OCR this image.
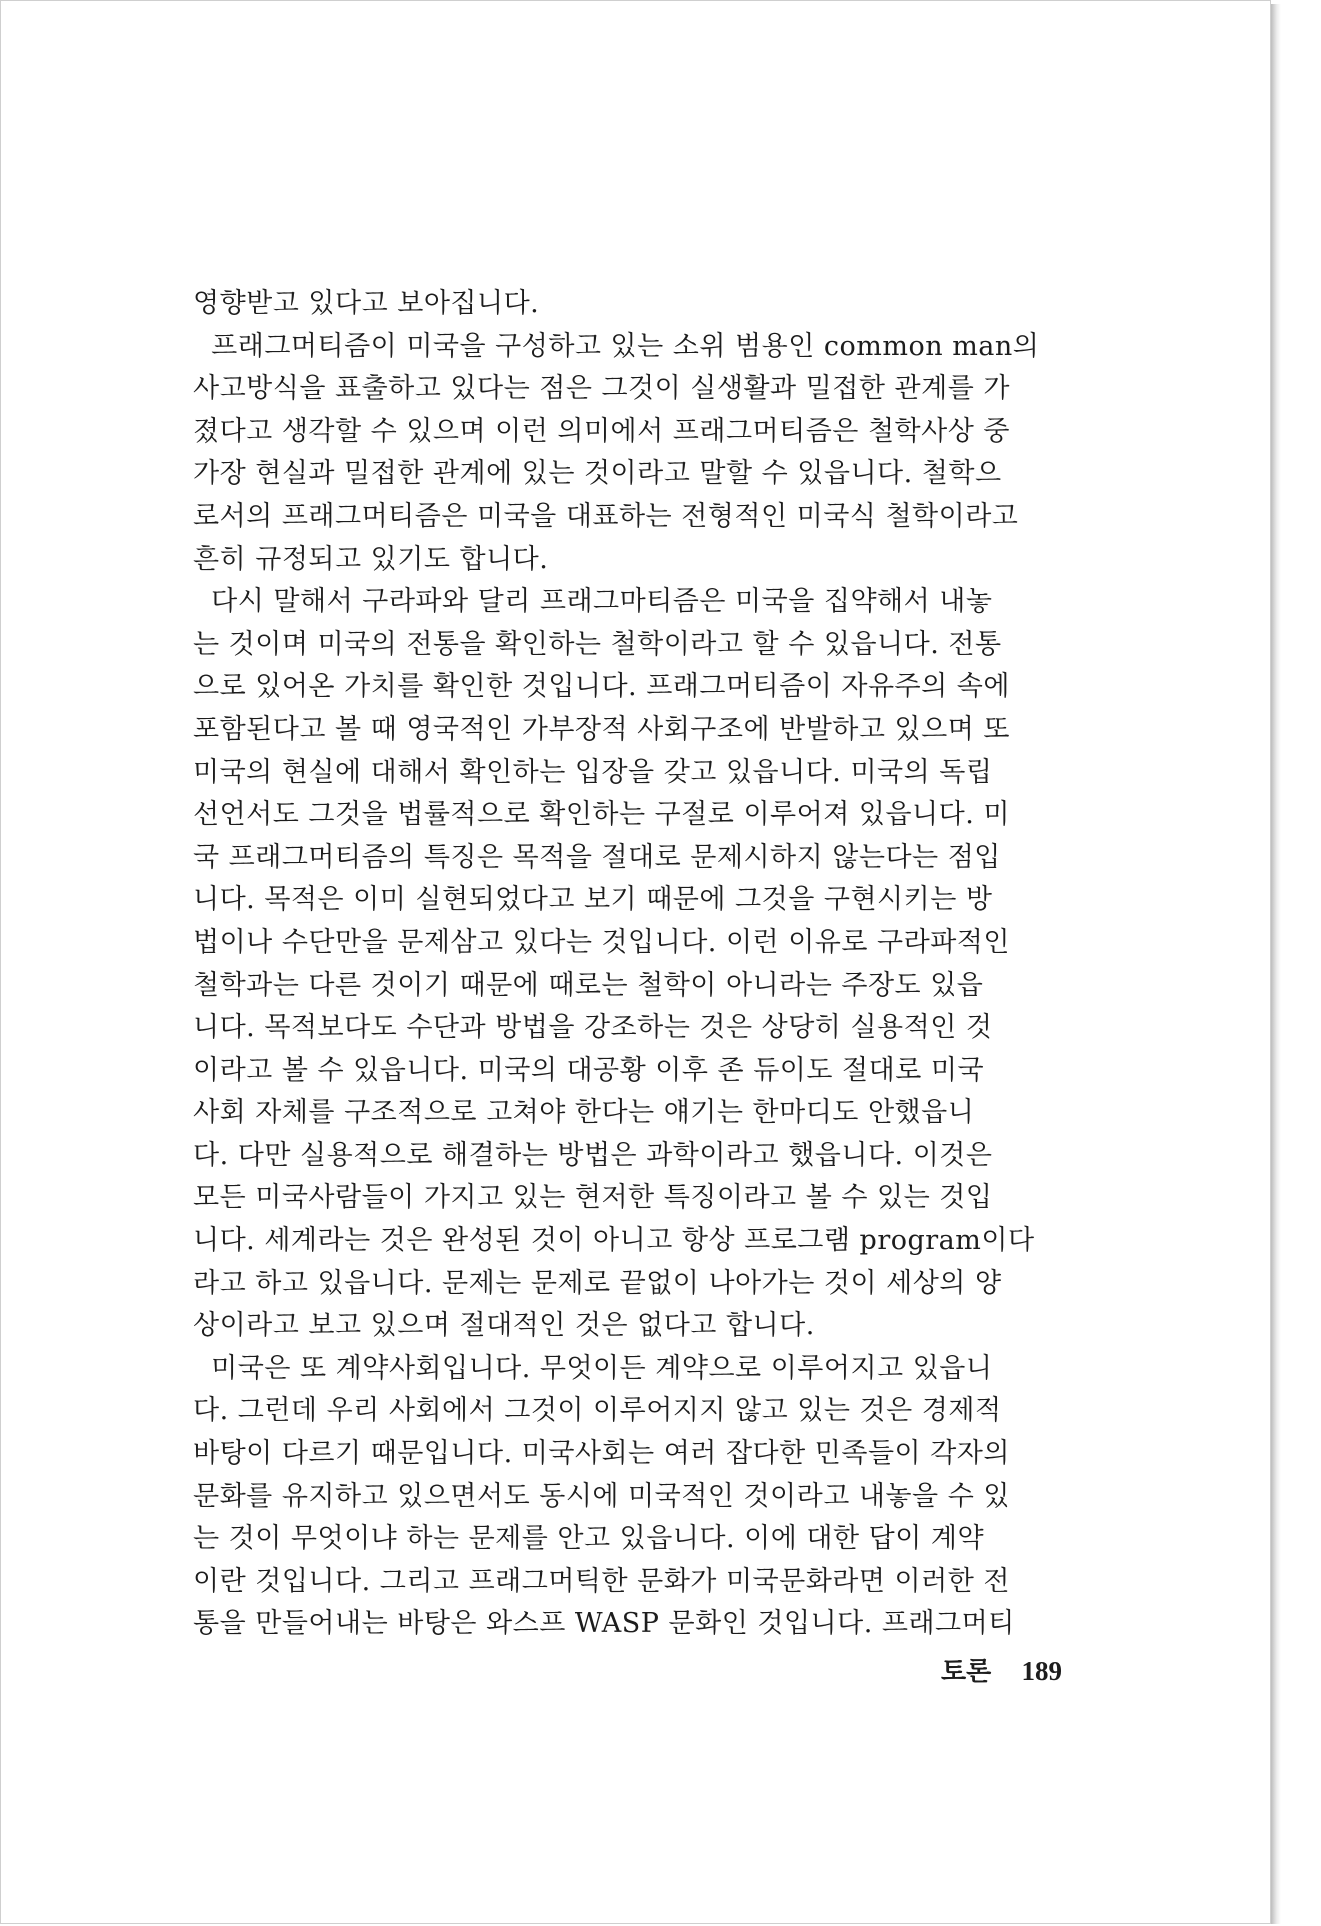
영향받고 있다고 보아집니다.
프래그머티즘이 미국을 구성하고 있는 소위 범용인 common man의
사고방식을 표출하고 있다는 점은 그것이 실생활과 밀접한 관계를 가
졌다고 생각할 수 있으며 이런 의미에서 프래그머티즘은 철학사상 중
가장 현실과 밀접한 관계에 있는 것이라고 말할 수 있읍니다. 철학으
로서의 프래그머티즘은 미국을 대표하는 전형적인 미국식 철학이라고
흔히 규정되고 있기도 합니다.
다시 말해서 구라파와 달리 프래그마티즘은 미국을 집약해서 내놓
는 것이며 미국의 전통을 확인하는 철학이라고 할 수 있읍니다. 전통
으로 있어온 가치를 확인한 것입니다. 프래그머티즘이 자유주의 속에
포함된다고 볼 때 영국적인 가부장적 사회구조에 반발하고 있으며 또
미국의 현실에 대해서 확인하는 입장을 갖고 있읍니다. 미국의 독립
선언서도 그것을 법률적으로 확인하는 구절로 이루어져 있읍니다. 미
국 프래그머티즘의 특징은 목적을 절대로 문제시하지 않는다는 점입
니다. 목적은 이미 실현되었다고 보기 때문에 그것을 구현시키는 방
법이나 수단만을 문제삼고 있다는 것입니다. 이런 이유로 구라파적인
철학과는 다른 것이기 때문에 때로는 철학이 아니라는 주장도 있읍
니다. 목적보다도 수단과 방법을 강조하는 것은 상당히 실용적인 것
이라고 볼 수 있읍니다. 미국의 대공황 이후 존 듀이도 절대로 미국
사회 자체를 구조적으로 고쳐야 한다는 얘기는 한마디도 안했읍니
다. 다만 실용적으로 해결하는 방법은 과학이라고 했읍니다. 이것은
모든 미국사람들이 가지고 있는 현저한 특징이라고 볼 수 있는 것입
니다. 세계라는 것은 완성된 것이 아니고 항상 프로그램 program이다
라고 하고 있읍니다. 문제는 문제로 끝없이 나아가는 것이 세상의 양
상이라고 보고 있으며 절대적인 것은 없다고 합니다.
미국은 또 계약사회입니다. 무엇이든 계약으로 이루어지고 있읍니
다. 그런데 우리 사회에서 그것이 이루어지지 않고 있는 것은 경제적
바탕이 다르기 때문입니다. 미국사회는 여러 잡다한 민족들이 각자의
문화를 유지하고 있으면서도 동시에 미국적인 것이라고 내놓을 수 있
는 것이 무엇이냐 하는 문제를 안고 있읍니다. 이에 대한 답이 계약
이란 것입니다. 그리고 프래그머틱한 문화가 미국문화라면 이러한 전
통을 만들어내는 바탕은 와스프 WASP 문화인 것입니다. 프래그머티
토론 189
